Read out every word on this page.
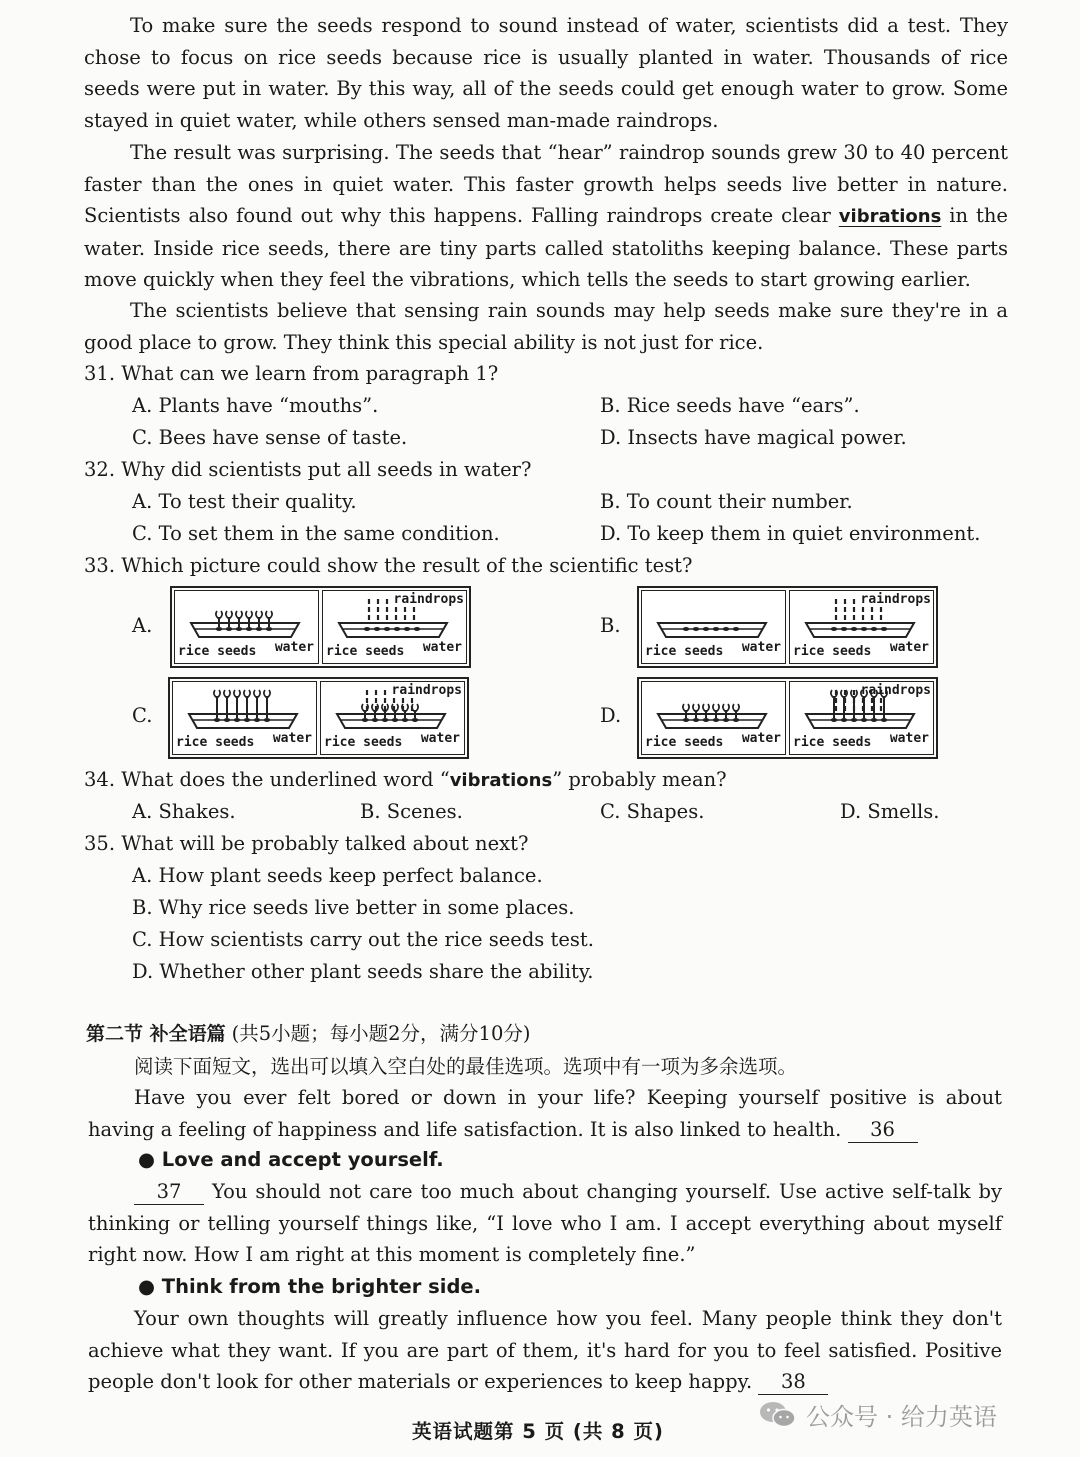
To make sure the seeds respond to sound instead of water, scientists did a test. They chose to focus on rice seeds because rice is usually planted in water. Thousands of rice seeds were put in water. By this way, all of the seeds could get enough water to grow. Some stayed in quiet water, while others sensed man-made raindrops.
The result was surprising. The seeds that “hear” raindrop sounds grew 30 to 40 percent faster than the ones in quiet water. This faster growth helps seeds live better in nature. Scientists also found out why this happens. Falling raindrops create clear vibrations in the water. Inside rice seeds, there are tiny parts called statoliths keeping balance. These parts move quickly when they feel the vibrations, which tells the seeds to start growing earlier.
The scientists believe that sensing rain sounds may help seeds make sure they're in a good place to grow. They think this special ability is not just for rice.
31. What can we learn from paragraph 1?
A. Plants have “mouths”.	B. Rice seeds have “ears”.
C. Bees have sense of taste.	D. Insects have magical power.
32. Why did scientists put all seeds in water?
A. To test their quality.	B. To count their number.
C. To set them in the same condition.	D. To keep them in quiet environment.
33. Which picture could show the result of the scientific test?
A.
rice seeds water rice seeds water
raindrops
B.
rice seeds water rice seeds water
raindrops
C.
rice seeds water rice seeds water
raindrops
D.
rice seeds water rice seeds water
raindrops
34. What does the underlined word “vibrations” probably mean?
A. Shakes.	B. Scenes.	C. Shapes.	D. Smells.
35. What will be probably talked about next?
A. How plant seeds keep perfect balance.
B. Why rice seeds live better in some places.
C. How scientists carry out the rice seeds test.
D. Whether other plant seeds share the ability.
第二节 补全语篇 (共5小题；每小题2分，满分10分)
阅读下面短文，选出可以填入空白处的最佳选项。选项中有一项为多余选项。
Have you ever felt bored or down in your life? Keeping yourself positive is about having a feeling of happiness and life satisfaction. It is also linked to health. 36
● Love and accept yourself.
37 You should not care too much about changing yourself. Use active self-talk by thinking or telling yourself things like, “I love who I am. I accept everything about myself right now. How I am right at this moment is completely fine.”
● Think from the brighter side.
Your own thoughts will greatly influence how you feel. Many people think they don't achieve what they want. If you are part of them, it's hard for you to feel satisfied. Positive people don't look for other materials or experiences to keep happy. 38
英语试题第 5 页 (共 8 页)
公众号 · 给力英语
